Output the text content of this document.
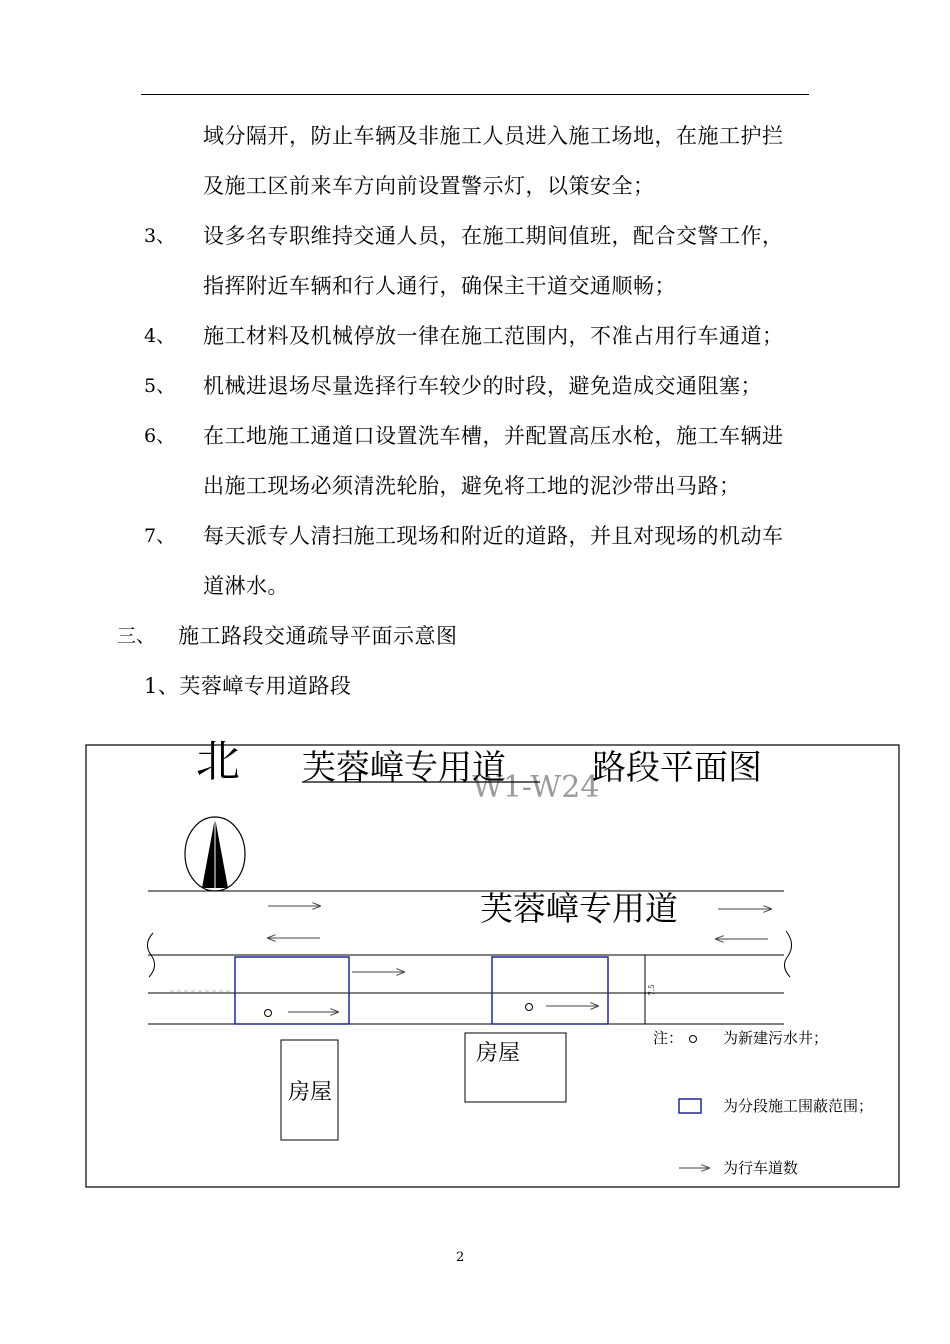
域分隔开，防止车辆及非施工人员进入施工场地，在施工护拦
及施工区前来车方向前设置警示灯，以策安全；
3、 设多名专职维持交通人员，在施工期间值班，配合交警工作，
指挥附近车辆和行人通行，确保主干道交通顺畅；
4、 施工材料及机械停放一律在施工范围内，不准占用行车通道；
5、 机械进退场尽量选择行车较少的时段，避免造成交通阻塞；
6、 在工地施工通道口设置洗车槽，并配置高压水枪，施工车辆进
出施工现场必须清洗轮胎，避免将工地的泥沙带出马路；
7、 每天派专人清扫施工现场和附近的道路，并且对现场的机动车
道淋水。
三、 施工路段交通疏导平面示意图
1、芙蓉嶂专用道路段
北
W1-W24
芙蓉嶂专用道	路段平面图
芙蓉嶂专用道
7.5
房屋
房屋
注：	为新建污水井；
为分段施工围蔽范围；
为行车道数
2
